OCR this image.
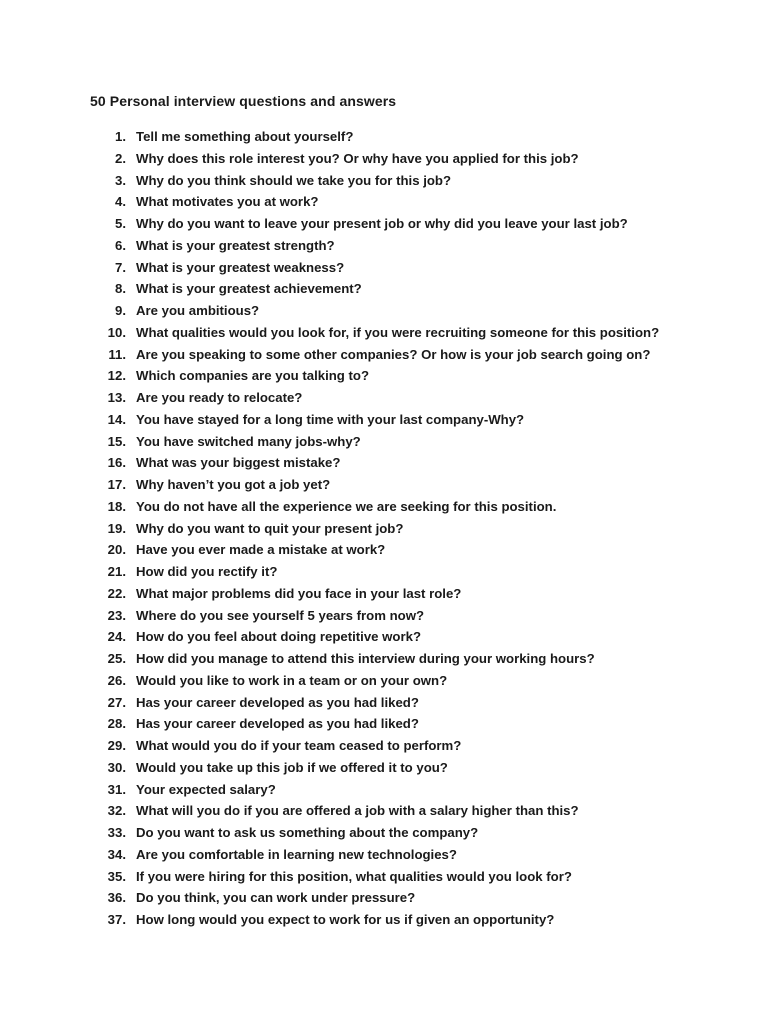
50 Personal interview questions and answers
1. Tell me something about yourself?
2. Why does this role interest you? Or why have you applied for this job?
3. Why do you think should we take you for this job?
4. What motivates you at work?
5. Why do you want to leave your present job or why did you leave your last job?
6. What is your greatest strength?
7. What is your greatest weakness?
8. What is your greatest achievement?
9. Are you ambitious?
10. What qualities would you look for, if you were recruiting someone for this position?
11. Are you speaking to some other companies? Or how is your job search going on?
12. Which companies are you talking to?
13. Are you ready to relocate?
14. You have stayed for a long time with your last company-Why?
15. You have switched many jobs-why?
16. What was your biggest mistake?
17. Why haven’t you got a job yet?
18. You do not have all the experience we are seeking for this position.
19. Why do you want to quit your present job?
20. Have you ever made a mistake at work?
21. How did you rectify it?
22. What major problems did you face in your last role?
23. Where do you see yourself 5 years from now?
24. How do you feel about doing repetitive work?
25. How did you manage to attend this interview during your working hours?
26. Would you like to work in a team or on your own?
27. Has your career developed as you had liked?
28. Has your career developed as you had liked?
29. What would you do if your team ceased to perform?
30. Would you take up this job if we offered it to you?
31. Your expected salary?
32. What will you do if you are offered a job with a salary higher than this?
33. Do you want to ask us something about the company?
34. Are you comfortable in learning new technologies?
35. If you were hiring for this position, what qualities would you look for?
36. Do you think, you can work under pressure?
37. How long would you expect to work for us if given an opportunity?
